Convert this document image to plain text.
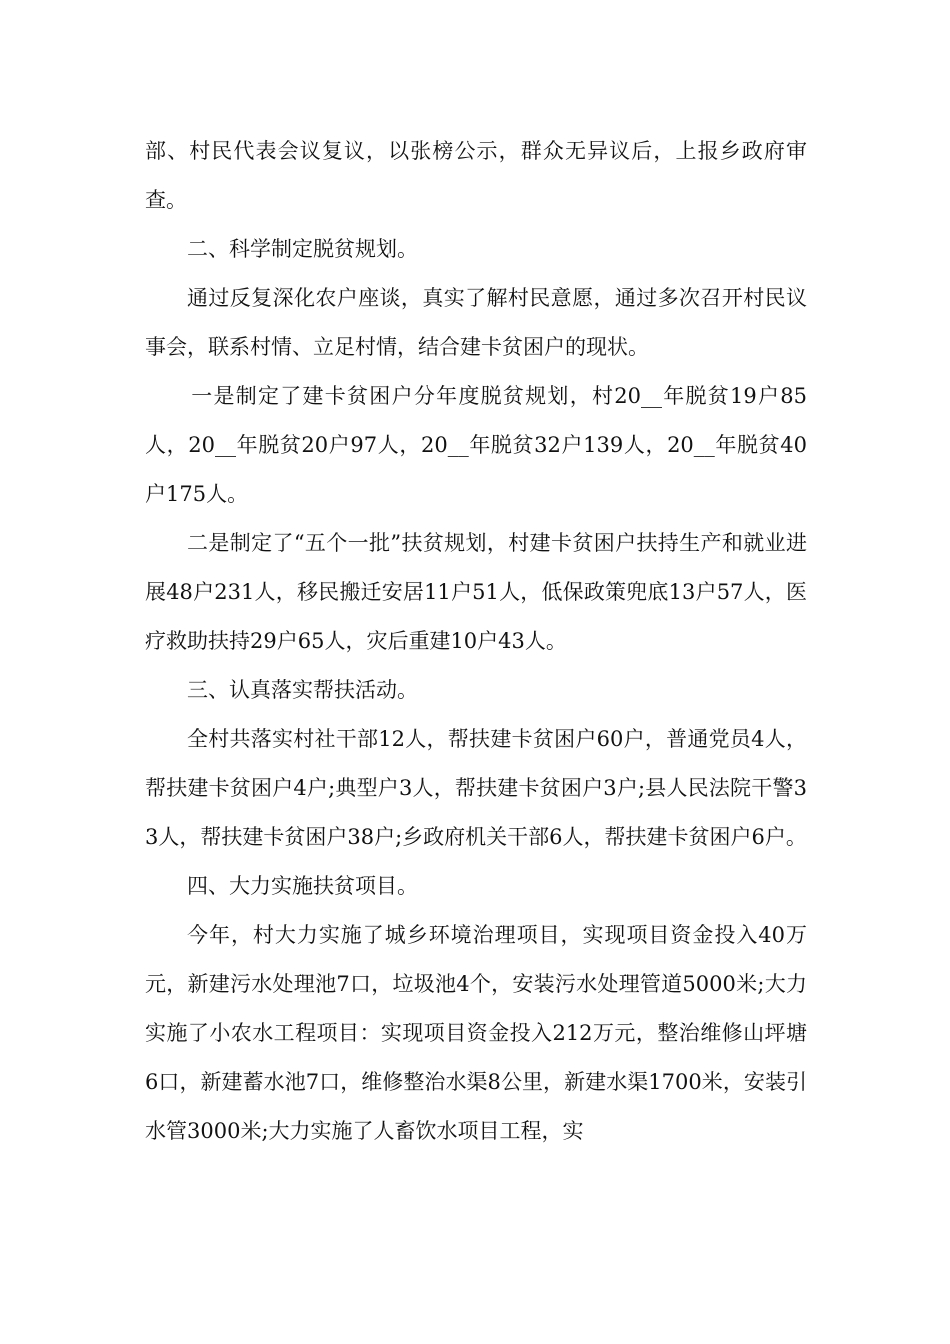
部、村民代表会议复议，以张榜公示，群众无异议后，上报乡政府审查。

二、科学制定脱贫规划。

通过反复深化农户座谈，真实了解村民意愿，通过多次召开村民议事会，联系村情、立足村情，结合建卡贫困户的现状。

一是制定了建卡贫困户分年度脱贫规划，村20__年脱贫19户85人，20__年脱贫20户97人，20__年脱贫32户139人，20__年脱贫40户175人。

二是制定了“五个一批”扶贫规划，村建卡贫困户扶持生产和就业进展48户231人，移民搬迁安居11户51人，低保政策兜底13户57人，医疗救助扶持29户65人，灾后重建10户43人。

三、认真落实帮扶活动。

全村共落实村社干部12人，帮扶建卡贫困户60户，普通党员4人，帮扶建卡贫困户4户;典型户3人，帮扶建卡贫困户3户;县人民法院干警33人，帮扶建卡贫困户38户;乡政府机关干部6人，帮扶建卡贫困户6户。

四、大力实施扶贫项目。

今年，村大力实施了城乡环境治理项目，实现项目资金投入40万元，新建污水处理池7口，垃圾池4个，安装污水处理管道5000米;大力实施了小农水工程项目：实现项目资金投入212万元，整治维修山坪塘6口，新建蓄水池7口，维修整治水渠8公里，新建水渠1700米，安装引水管3000米;大力实施了人畜饮水项目工程，实
